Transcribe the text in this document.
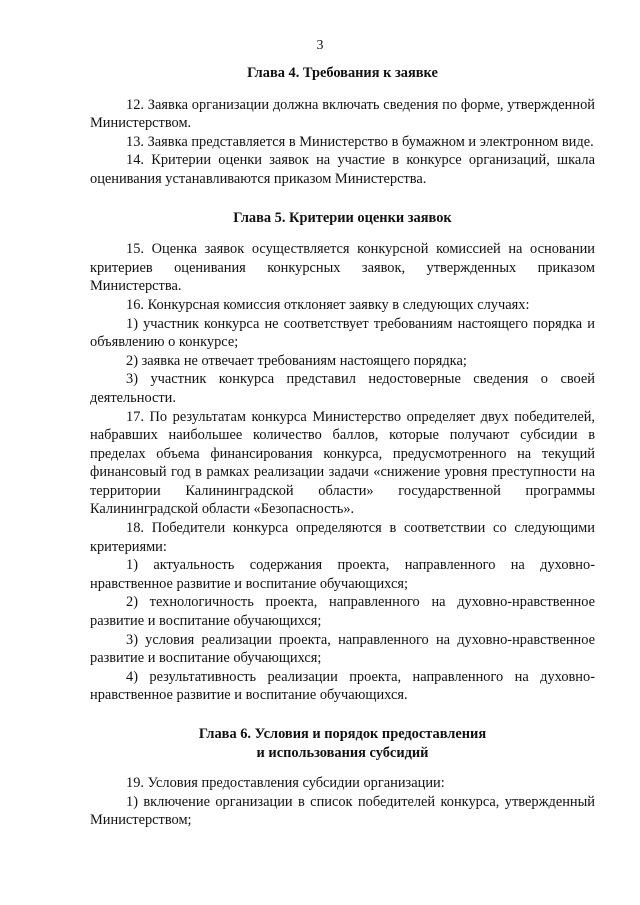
3

Глава 4. Требования к заявке

12. Заявка организации должна включать сведения по форме, утвержденной Министерством.

13. Заявка представляется в Министерство в бумажном и электронном виде.

14. Критерии оценки заявок на участие в конкурсе организаций, шкала оценивания устанавливаются приказом Министерства.

Глава 5. Критерии оценки заявок

15. Оценка заявок осуществляется конкурсной комиссией на основании критериев оценивания конкурсных заявок, утвержденных приказом Министерства.

16. Конкурсная комиссия отклоняет заявку в следующих случаях:

1) участник конкурса не соответствует требованиям настоящего порядка и объявлению о конкурсе;

2) заявка не отвечает требованиям настоящего порядка;

3) участник конкурса представил недостоверные сведения о своей деятельности.

17. По результатам конкурса Министерство определяет двух победителей, набравших наибольшее количество баллов, которые получают субсидии в пределах объема финансирования конкурса, предусмотренного на текущий финансовый год в рамках реализации задачи «снижение уровня преступности на территории Калининградской области» государственной программы Калининградской области «Безопасность».

18. Победители конкурса определяются в соответствии со следующими критериями:

1) актуальность содержания проекта, направленного на духовно-нравственное развитие и воспитание обучающихся;

2) технологичность проекта, направленного на духовно-нравственное развитие и воспитание обучающихся;

3) условия реализации проекта, направленного на духовно-нравственное развитие и воспитание обучающихся;

4) результативность реализации проекта, направленного на духовно-нравственное развитие и воспитание обучающихся.

Глава 6. Условия и порядок предоставления

и использования субсидий

19. Условия предоставления субсидии организации:

1) включение организации в список победителей конкурса, утвержденный Министерством;
